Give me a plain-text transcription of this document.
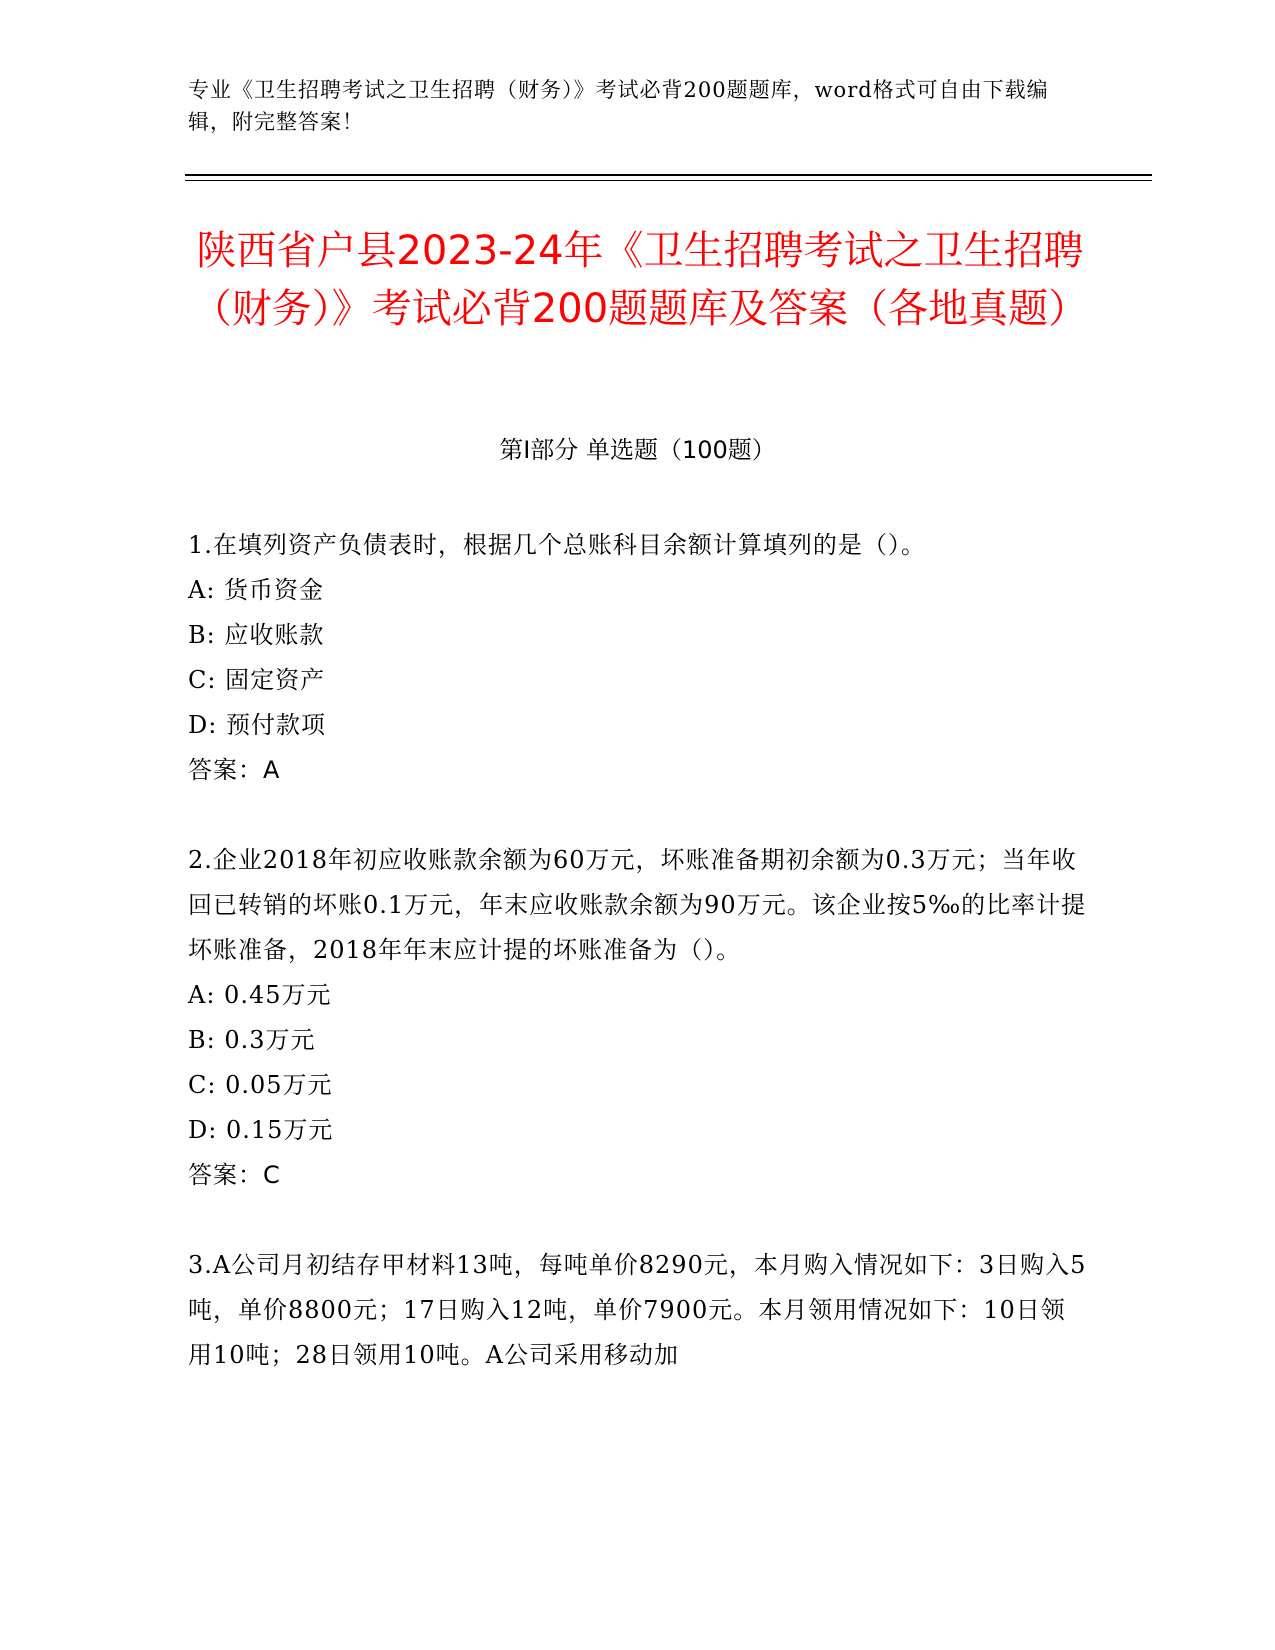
专业《卫生招聘考试之卫生招聘（财务）》考试必背200题题库，word格式可自由下载编辑，附完整答案！
陕西省户县2023-24年《卫生招聘考试之卫生招聘（财务）》考试必背200题题库及答案（各地真题）
第I部分 单选题（100题）

1.在填列资产负债表时，根据几个总账科目余额计算填列的是（）。

A: 货币资金

B: 应收账款

C: 固定资产

D: 预付款项

答案：A

2.企业2018年初应收账款余额为60万元，坏账准备期初余额为0.3万元；当年收回已转销的坏账0.1万元，年末应收账款余额为90万元。该企业按5‰的比率计提坏账准备，2018年年末应计提的坏账准备为（）。

A: 0.45万元

B: 0.3万元

C: 0.05万元

D: 0.15万元

答案：C

3.A公司月初结存甲材料13吨，每吨单价8290元，本月购入情况如下：3日购入5吨，单价8800元；17日购入12吨，单价7900元。本月领用情况如下：10日领用10吨；28日领用10吨。A公司采用移动加
